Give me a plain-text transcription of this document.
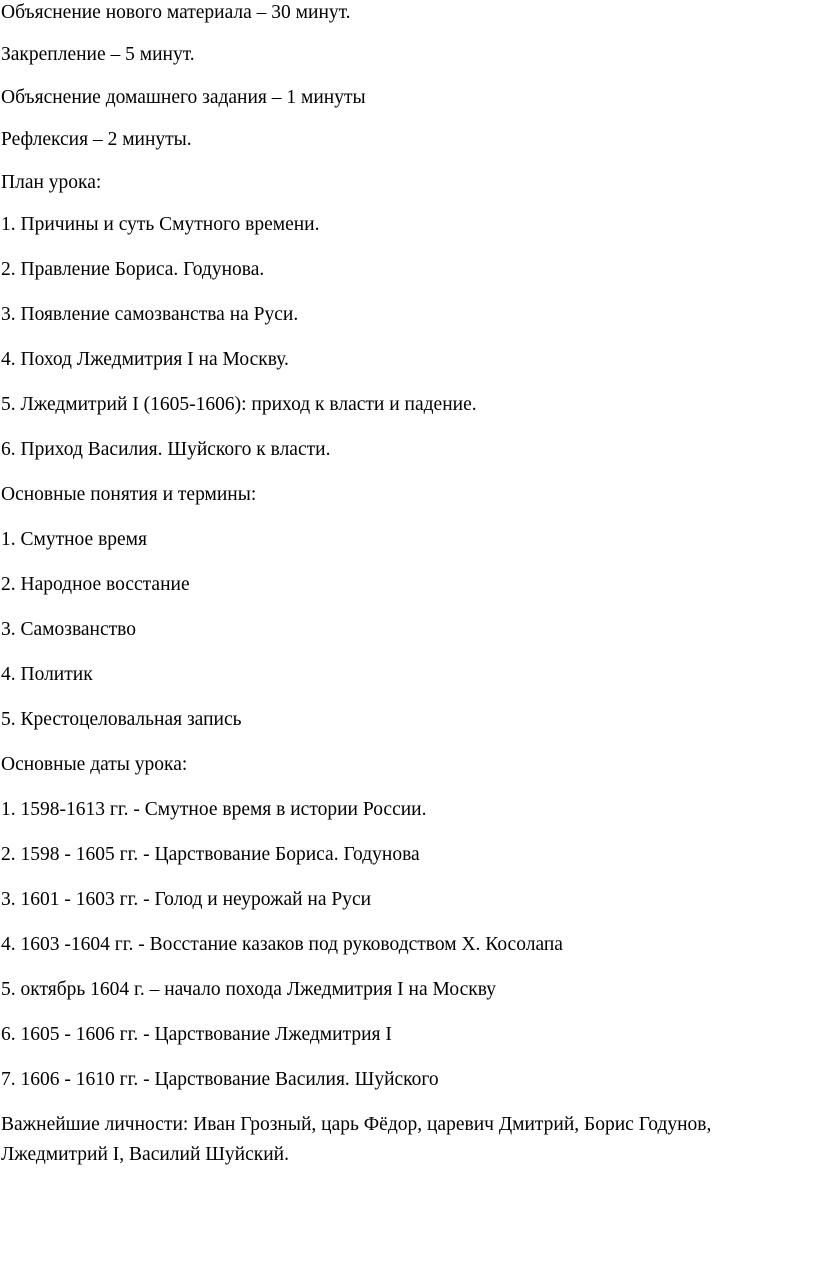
Объяснение нового материала – 30 минут.

Закрепление – 5 минут.

Объяснение домашнего задания – 1 минуты

Рефлексия – 2 минуты.

План урока:

1. Причины и суть Смутного времени.

2. Правление Бориса. Годунова.

3. Появление самозванства на Руси.

4. Поход Лжедмитрия I на Москву.

5. Лжедмитрий I (1605-1606): приход к власти и падение.

6. Приход Василия. Шуйского к власти.

Основные понятия и термины:

1. Смутное время

2. Народное восстание

3. Самозванство

4. Политик

5. Крестоцеловальная запись

Основные даты урока:

1. 1598-1613 гг. - Смутное время в истории России.

2. 1598 - 1605 гг. - Царствование Бориса. Годунова

3. 1601 - 1603 гг. - Голод и неурожай на Руси

4. 1603 -1604 гг. - Восстание казаков под руководством Х. Косолапа

5. октябрь 1604 г. – начало похода Лжедмитрия I на Москву

6. 1605 - 1606 гг. - Царствование Лжедмитрия I

7. 1606 - 1610 гг. - Царствование Василия. Шуйского

Важнейшие личности: Иван Грозный, царь Фёдор, царевич Дмитрий, Борис Годунов, Лжедмитрий I, Василий Шуйский.
